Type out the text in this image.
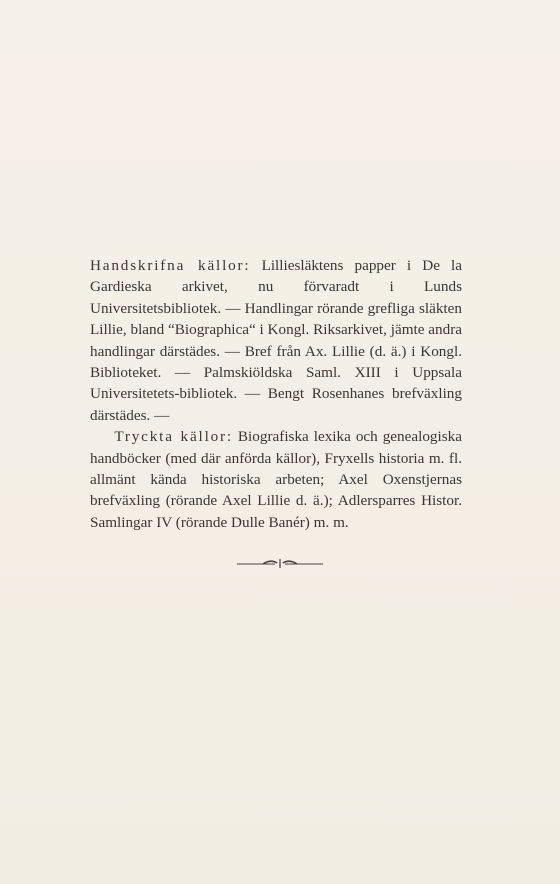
Handskrifna källor: Lilliesläktens papper i De la Gardieska arkivet, nu förvaradt i Lunds Universitetsbibliotek. — Handlingar rörande grefliga släkten Lillie, bland “Biographica“ i Kongl. Riksarkivet, jämte andra handlingar därstädes. — Bref från Ax. Lillie (d. ä.) i Kongl. Biblioteket. — Palmskiöldska Saml. XIII i Uppsala Universitetets-bibliotek. — Bengt Rosenhanes brefväxling därstädes. —

Tryckta källor: Biografiska lexika och genealogiska handböcker (med där anförda källor), Fryxells historia m. fl. allmänt kända historiska arbeten; Axel Oxenstjernas brefväxling (rörande Axel Lillie d. ä.); Adlersparres Histor. Samlingar IV (rörande Dulle Banér) m. m.
